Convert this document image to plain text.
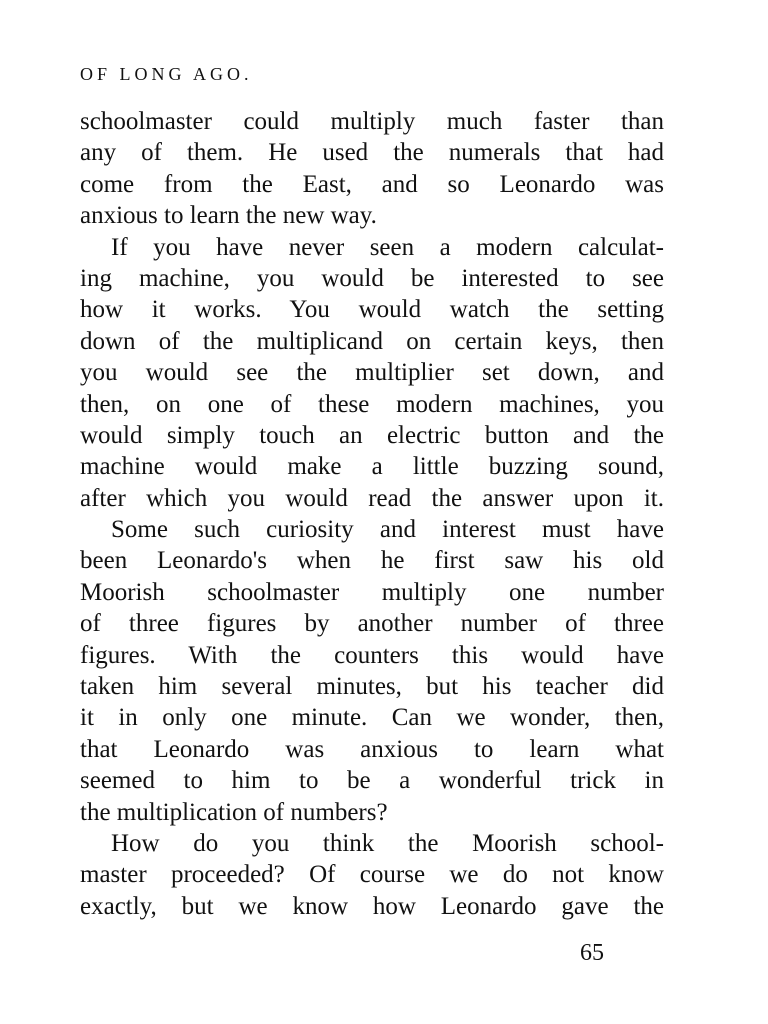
OF LONG AGO.
schoolmaster could multiply much faster than
any of them. He used the numerals that had
come from the East, and so Leonardo was
anxious to learn the new way.
If you have never seen a modern calculat-
ing machine, you would be interested to see
how it works. You would watch the setting
down of the multiplicand on certain keys, then
you would see the multiplier set down, and
then, on one of these modern machines, you
would simply touch an electric button and the
machine would make a little buzzing sound,
after which you would read the answer upon it.
Some such curiosity and interest must have
been Leonardo's when he first saw his old
Moorish schoolmaster multiply one number
of three figures by another number of three
figures. With the counters this would have
taken him several minutes, but his teacher did
it in only one minute. Can we wonder, then,
that Leonardo was anxious to learn what
seemed to him to be a wonderful trick in
the multiplication of numbers?
How do you think the Moorish school-
master proceeded? Of course we do not know
exactly, but we know how Leonardo gave the
65
